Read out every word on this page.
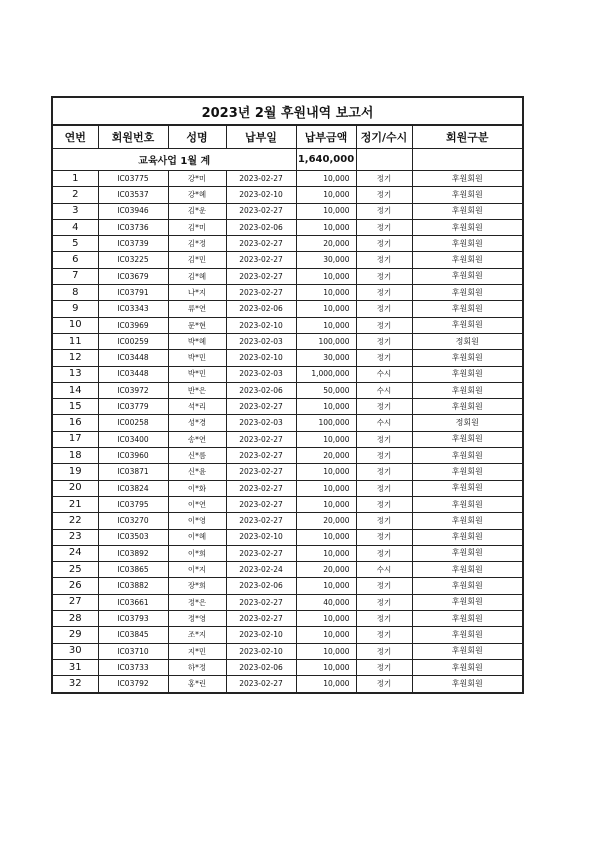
2023년 2월 후원내역 보고서						
연번	회원번호	성명	납부일	납부금액	정기/수시	회원구분
교육사업 1월 계				1,640,000		
1	IC03775	강*미	2023-02-27	10,000	정기	후원회원
2	IC03537	강*혜	2023-02-10	10,000	정기	후원회원
3	IC03946	김*운	2023-02-27	10,000	정기	후원회원
4	IC03736	김*미	2023-02-06	10,000	정기	후원회원
5	IC03739	김*정	2023-02-27	20,000	정기	후원회원
6	IC03225	김*민	2023-02-27	30,000	정기	후원회원
7	IC03679	김*혜	2023-02-27	10,000	정기	후원회원
8	IC03791	나*지	2023-02-27	10,000	정기	후원회원
9	IC03343	류*연	2023-02-06	10,000	정기	후원회원
10	IC03969	문*현	2023-02-10	10,000	정기	후원회원
11	IC00259	박*혜	2023-02-03	100,000	정기	정회원
12	IC03448	박*민	2023-02-10	30,000	정기	후원회원
13	IC03448	박*민	2023-02-03	1,000,000	수시	후원회원
14	IC03972	반*은	2023-02-06	50,000	수시	후원회원
15	IC03779	석*리	2023-02-27	10,000	정기	후원회원
16	IC00258	성*경	2023-02-03	100,000	수시	정회원
17	IC03400	송*연	2023-02-27	10,000	정기	후원회원
18	IC03960	신*름	2023-02-27	20,000	정기	후원회원
19	IC03871	신*윤	2023-02-27	10,000	정기	후원회원
20	IC03824	이*화	2023-02-27	10,000	정기	후원회원
21	IC03795	이*연	2023-02-27	10,000	정기	후원회원
22	IC03270	이*영	2023-02-27	20,000	정기	후원회원
23	IC03503	이*혜	2023-02-10	10,000	정기	후원회원
24	IC03892	이*희	2023-02-27	10,000	정기	후원회원
25	IC03865	이*지	2023-02-24	20,000	수시	후원회원
26	IC03882	장*희	2023-02-06	10,000	정기	후원회원
27	IC03661	정*은	2023-02-27	40,000	정기	후원회원
28	IC03793	정*영	2023-02-27	10,000	정기	후원회원
29	IC03845	조*지	2023-02-10	10,000	정기	후원회원
30	IC03710	지*민	2023-02-10	10,000	정기	후원회원
31	IC03733	하*정	2023-02-06	10,000	정기	후원회원
32	IC03792	홍*린	2023-02-27	10,000	정기	후원회원
